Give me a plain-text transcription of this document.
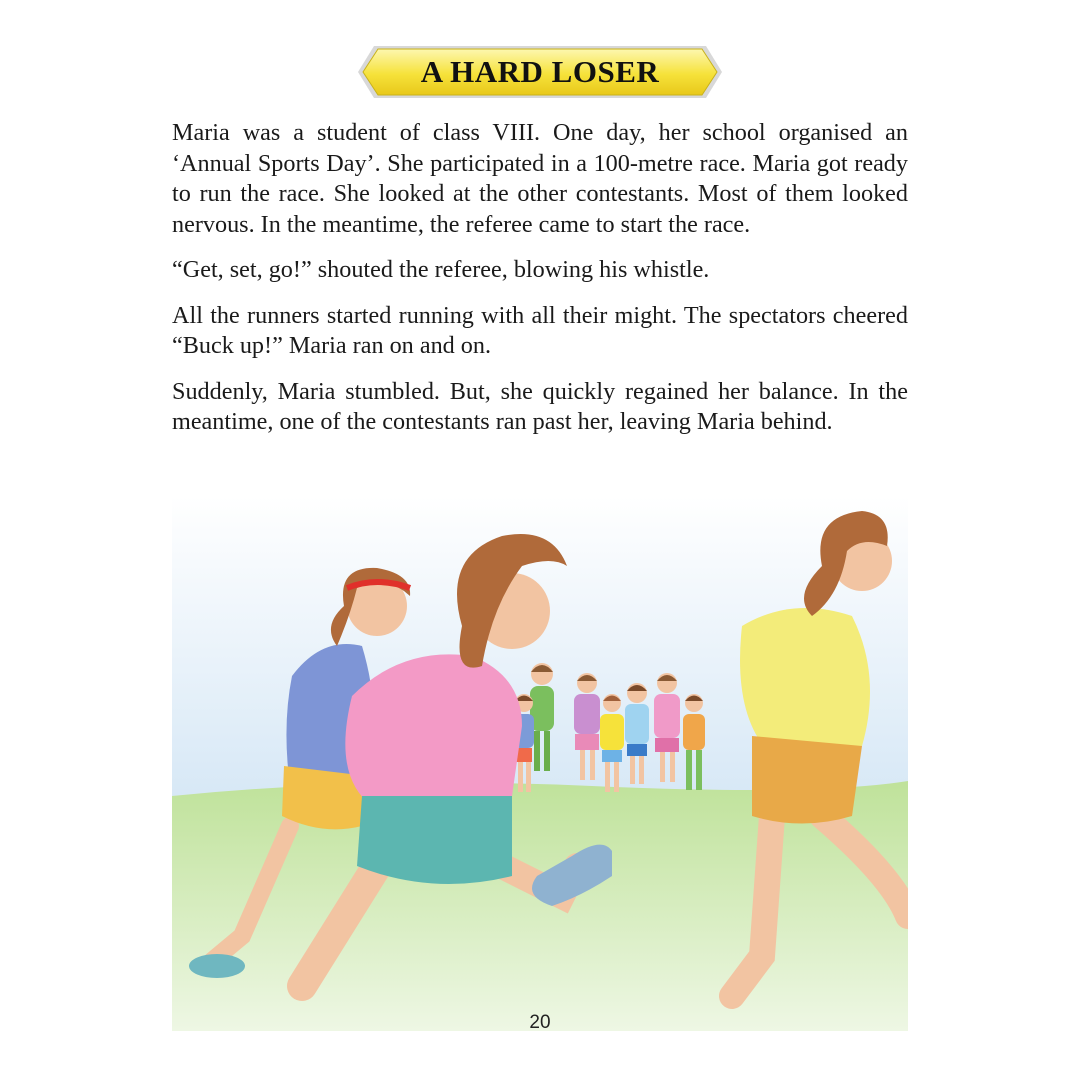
A HARD LOSER

Maria was a student of class VIII. One day, her school organised an ‘Annual Sports Day’. She participated in a 100-metre race. Maria got ready to run the race. She looked at the other contestants. Most of them looked nervous. In the meantime, the referee came to start the race.

“Get, set, go!” shouted the referee, blowing his whistle.

All the runners started running with all their might. The spectators cheered “Buck up!” Maria ran on and on.

Suddenly, Maria stumbled. But, she quickly regained her balance. In the meantime, one of the contestants ran past her, leaving Maria behind.

20
